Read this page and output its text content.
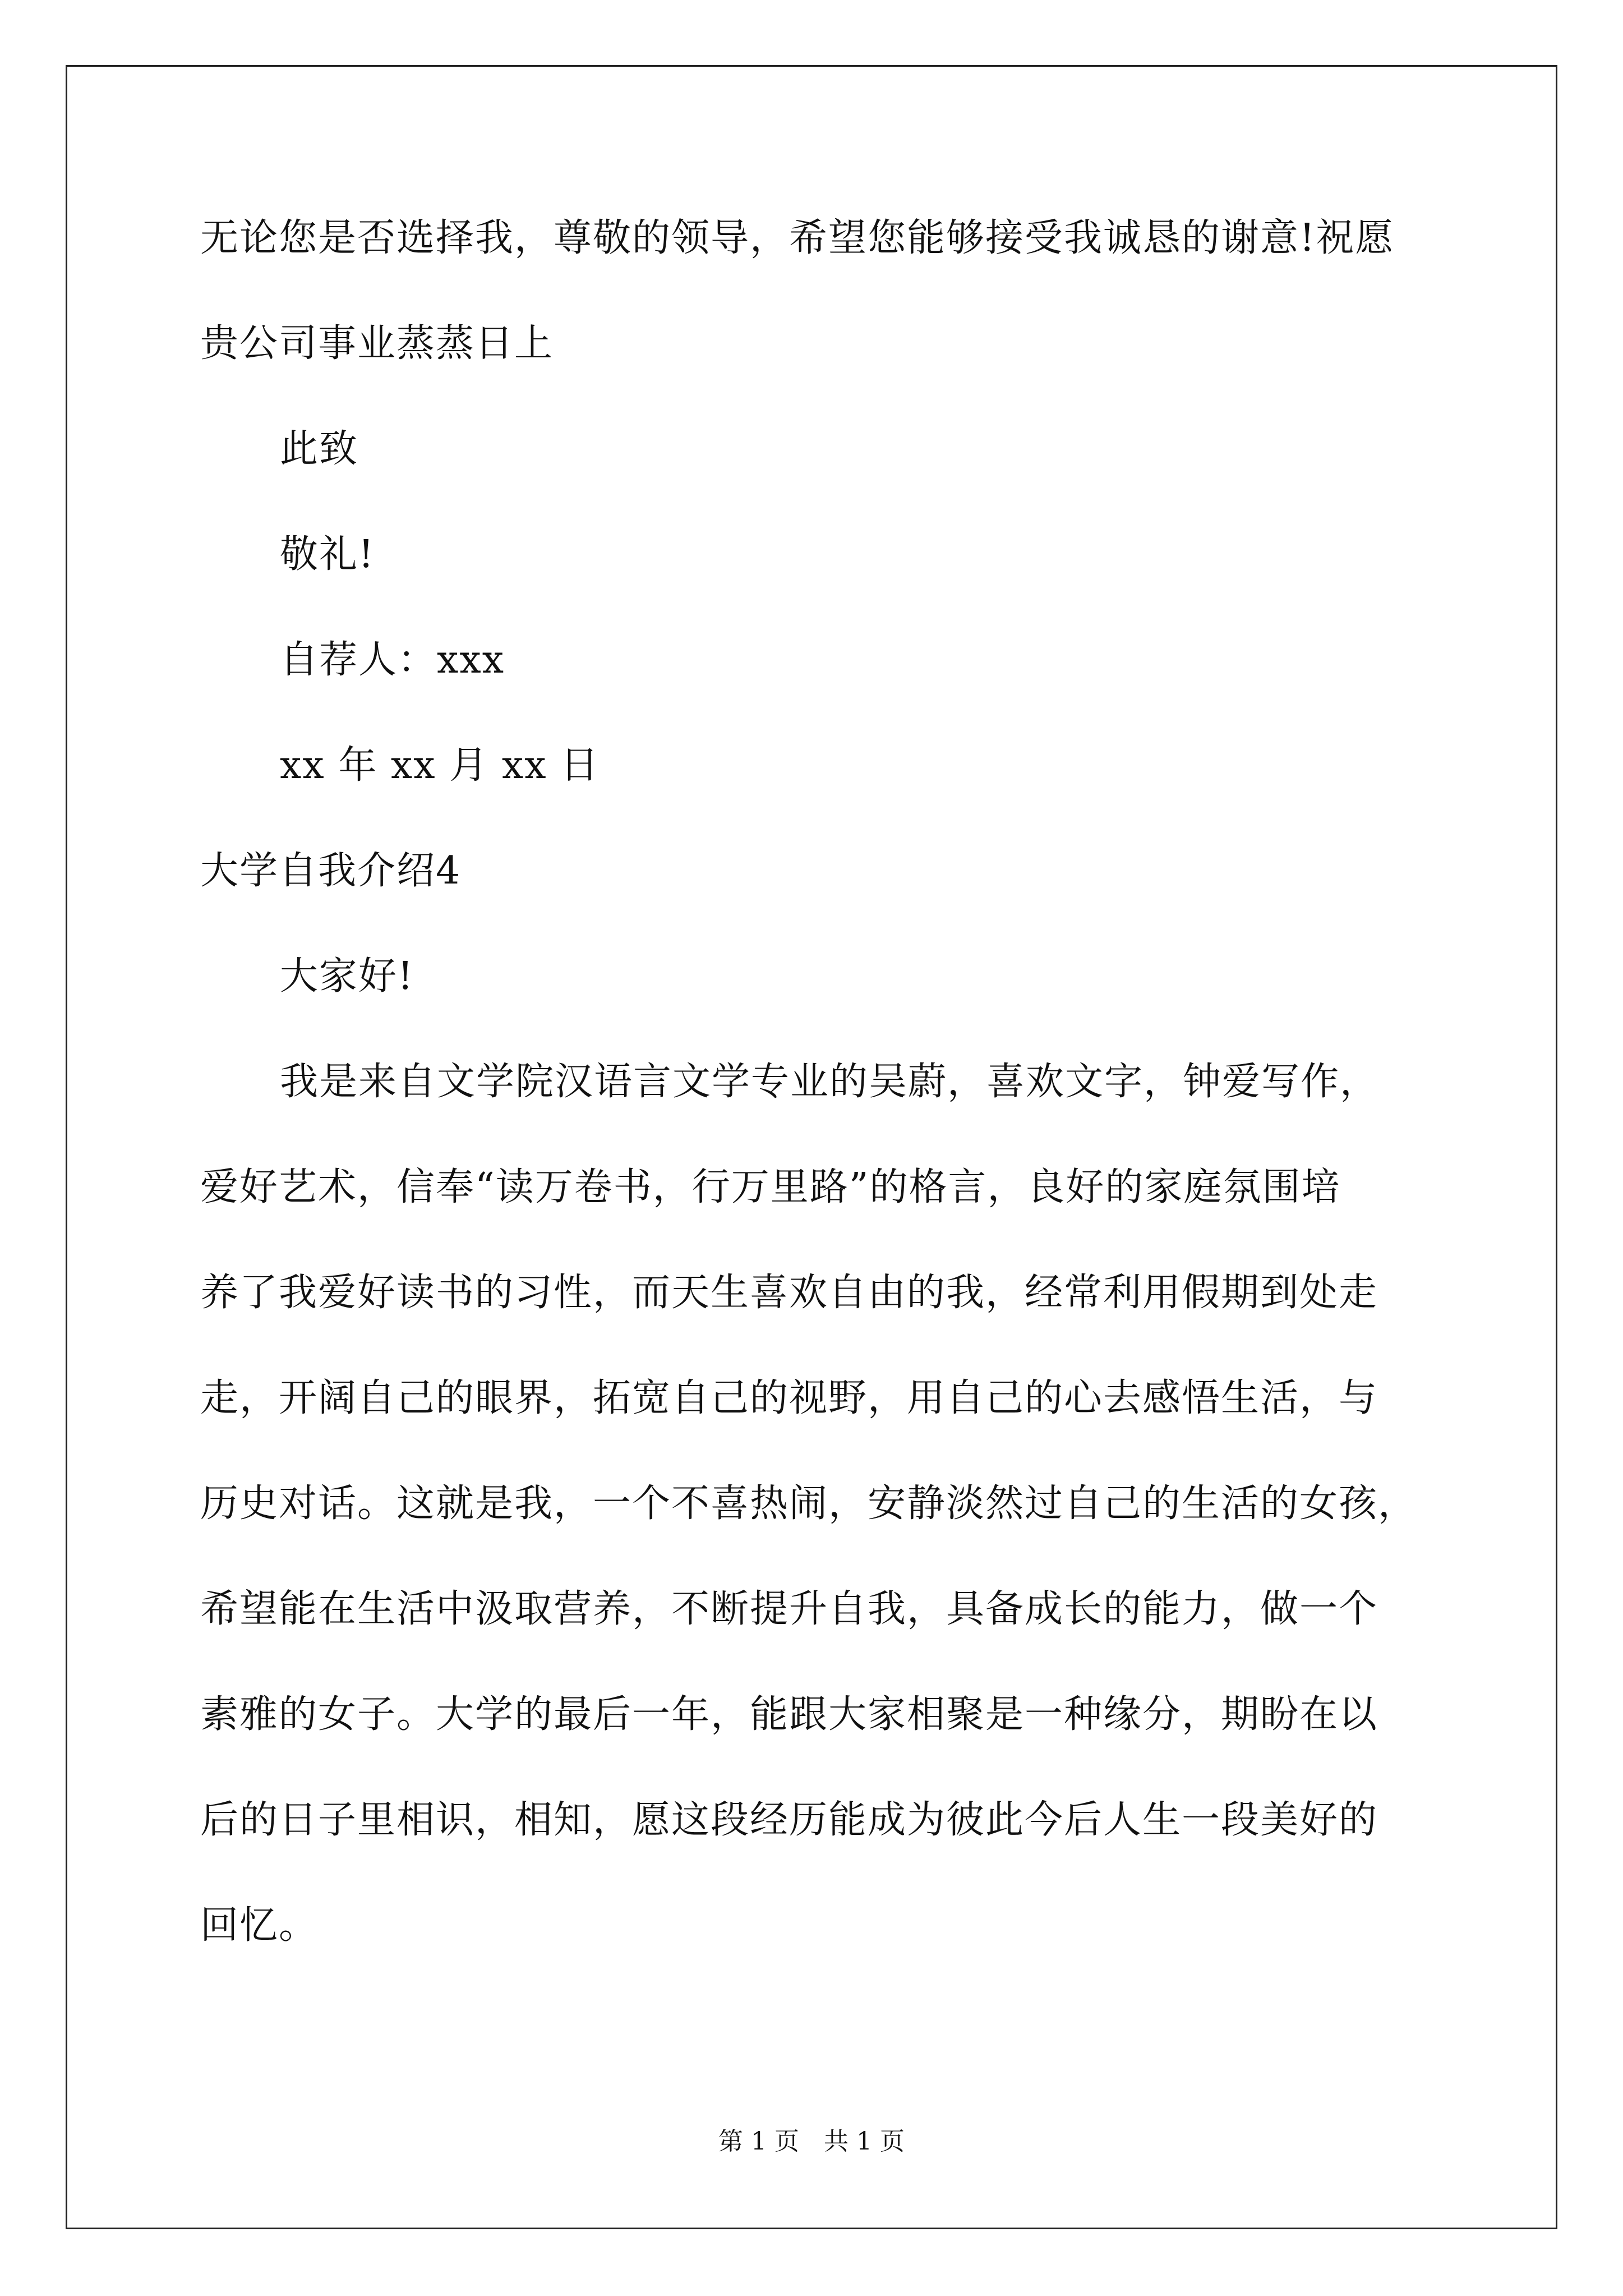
无论您是否选择我，尊敬的领导，希望您能够接受我诚恳的谢意!祝愿
贵公司事业蒸蒸日上
此致
敬礼!
自荐人：xxx
xx 年 xx 月 xx 日
大学自我介绍4
大家好!
我是来自文学院汉语言文学专业的吴蔚，喜欢文字，钟爱写作，
爱好艺术，信奉“读万卷书，行万里路”的格言，良好的家庭氛围培
养了我爱好读书的习性，而天生喜欢自由的我，经常利用假期到处走
走，开阔自己的眼界，拓宽自己的视野，用自己的心去感悟生活，与
历史对话。这就是我，一个不喜热闹，安静淡然过自己的生活的女孩，
希望能在生活中汲取营养，不断提升自我，具备成长的能力，做一个
素雅的女子。大学的最后一年，能跟大家相聚是一种缘分，期盼在以
后的日子里相识，相知，愿这段经历能成为彼此今后人生一段美好的
回忆。
第 1 页　共 1 页
